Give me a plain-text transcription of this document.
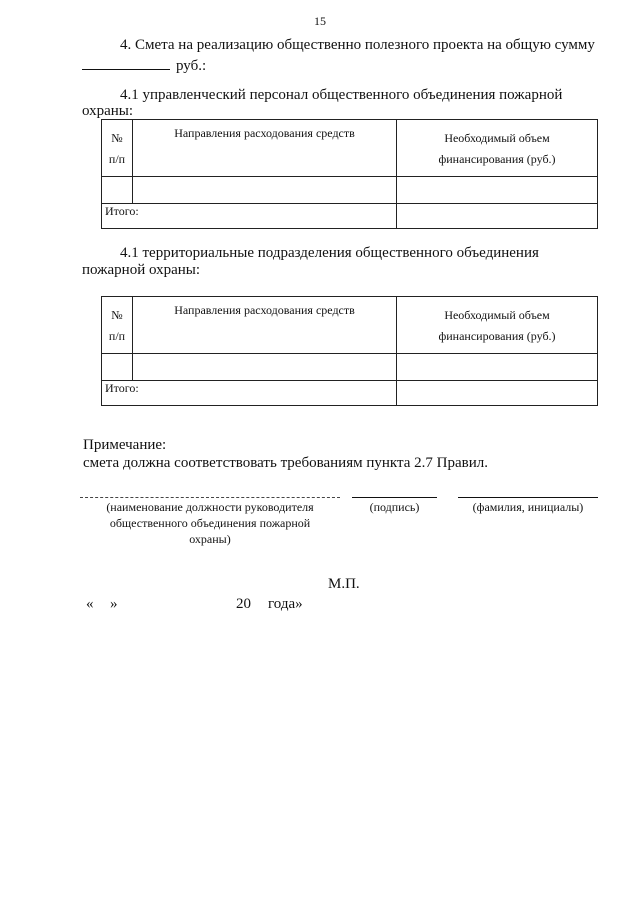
15
4. Смета на реализацию общественно полезного проекта на общую сумму
руб.:
4.1 управленческий персонал общественного объединения пожарной
охраны:
№
п/п	Направления расходования средств	Необходимый объем
финансирования (руб.)

Итого:		
4.1 территориальные подразделения общественного объединения
пожарной охраны:
№
п/п	Направления расходования средств	Необходимый объем
финансирования (руб.)

Итого:		
Примечание:
смета должна соответствовать требованиям пункта 2.7 Правил.
(наименование должности руководителя
общественного объединения пожарной
охраны)
(подпись)	(фамилия, инициалы)
М.П.
« »	20 года»
